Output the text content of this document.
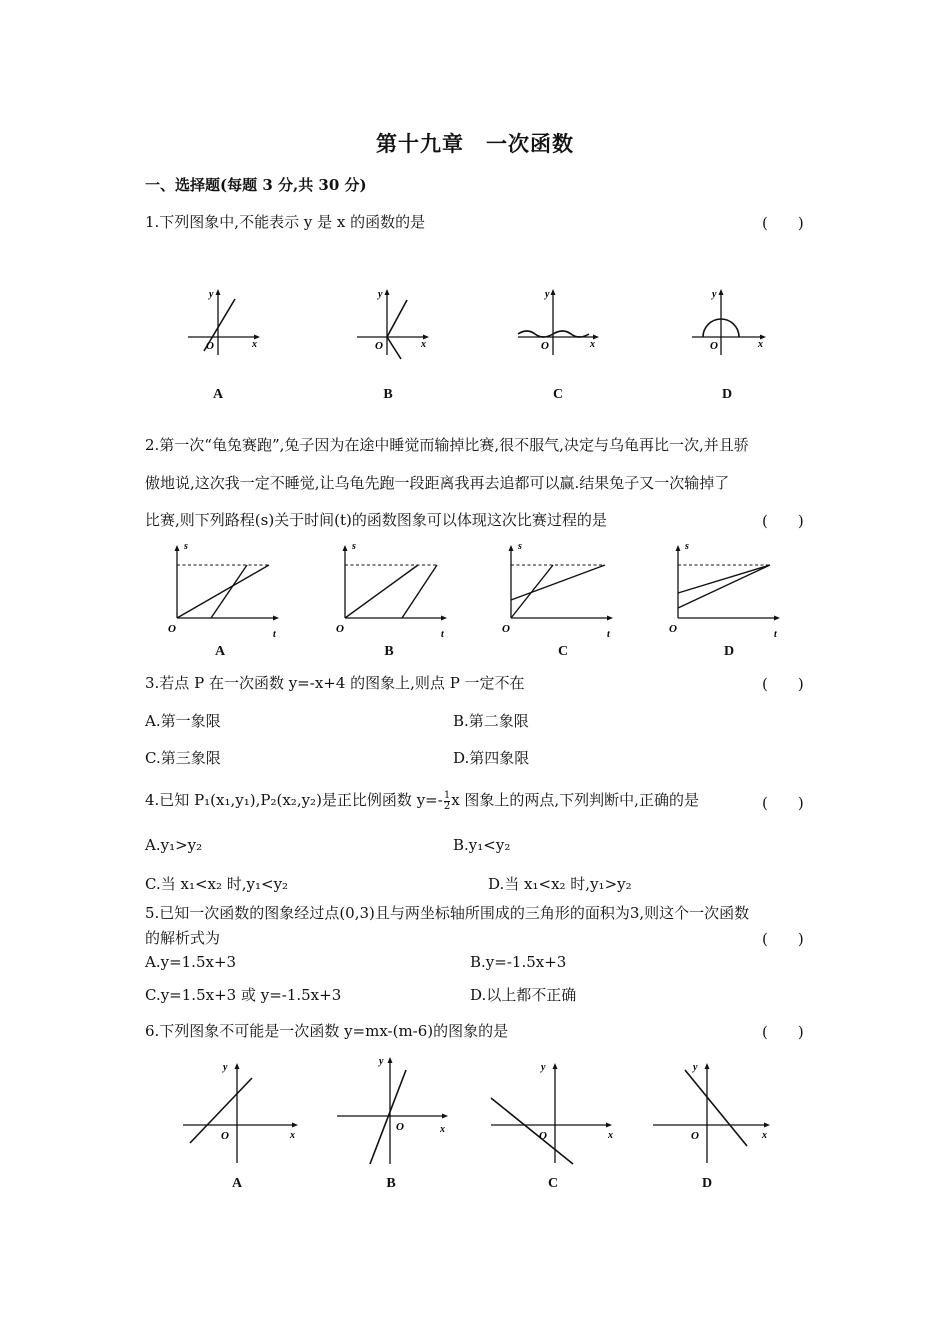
第十九章　一次函数
一、选择题(每题 3 分,共 30 分)
1.下列图象中,不能表示 y 是 x 的函数的是	(　　)
y
x
O
y
x
O
y
x
O
y
x
O
A	B	C	D
2.第一次“龟兔赛跑”,兔子因为在途中睡觉而输掉比赛,很不服气,决定与乌龟再比一次,并且骄
傲地说,这次我一定不睡觉,让乌龟先跑一段距离我再去追都可以赢.结果兔子又一次输掉了
比赛,则下列路程(s)关于时间(t)的函数图象可以体现这次比赛过程的是	(　　)
s
t
O
s
t
O
s
t
O
s
t
O
A	B	C	D
3.若点 P 在一次函数 y=-x+4 的图象上,则点 P 一定不在	(　　)
A.第一象限	B.第二象限
C.第三象限	D.第四象限
4.已知 P₁(x₁,y₁),P₂(x₂,y₂)是正比例函数 $y=- \frac{1}{2}$ x 图象上的两点,下列判断中,正确的是	(　　)
A.y₁>y₂	B.y₁<y₂
C.当 x₁<x₂ 时,y₁<y₂	D.当 x₁<x₂ 时,y₁>y₂
5.已知一次函数的图象经过点(0,3)且与两坐标轴所围成的三角形的面积为3,则这个一次函数
的解析式为	(　　)
A.y=1.5x+3	B.y=-1.5x+3
C.y=1.5x+3 或 y=-1.5x+3	D.以上都不正确
6.下列图象不可能是一次函数 y=mx-(m-6)的图象的是	(　　)
y
x
O
y
x
O
y
x
O
y
x
O
A	B	C	D
